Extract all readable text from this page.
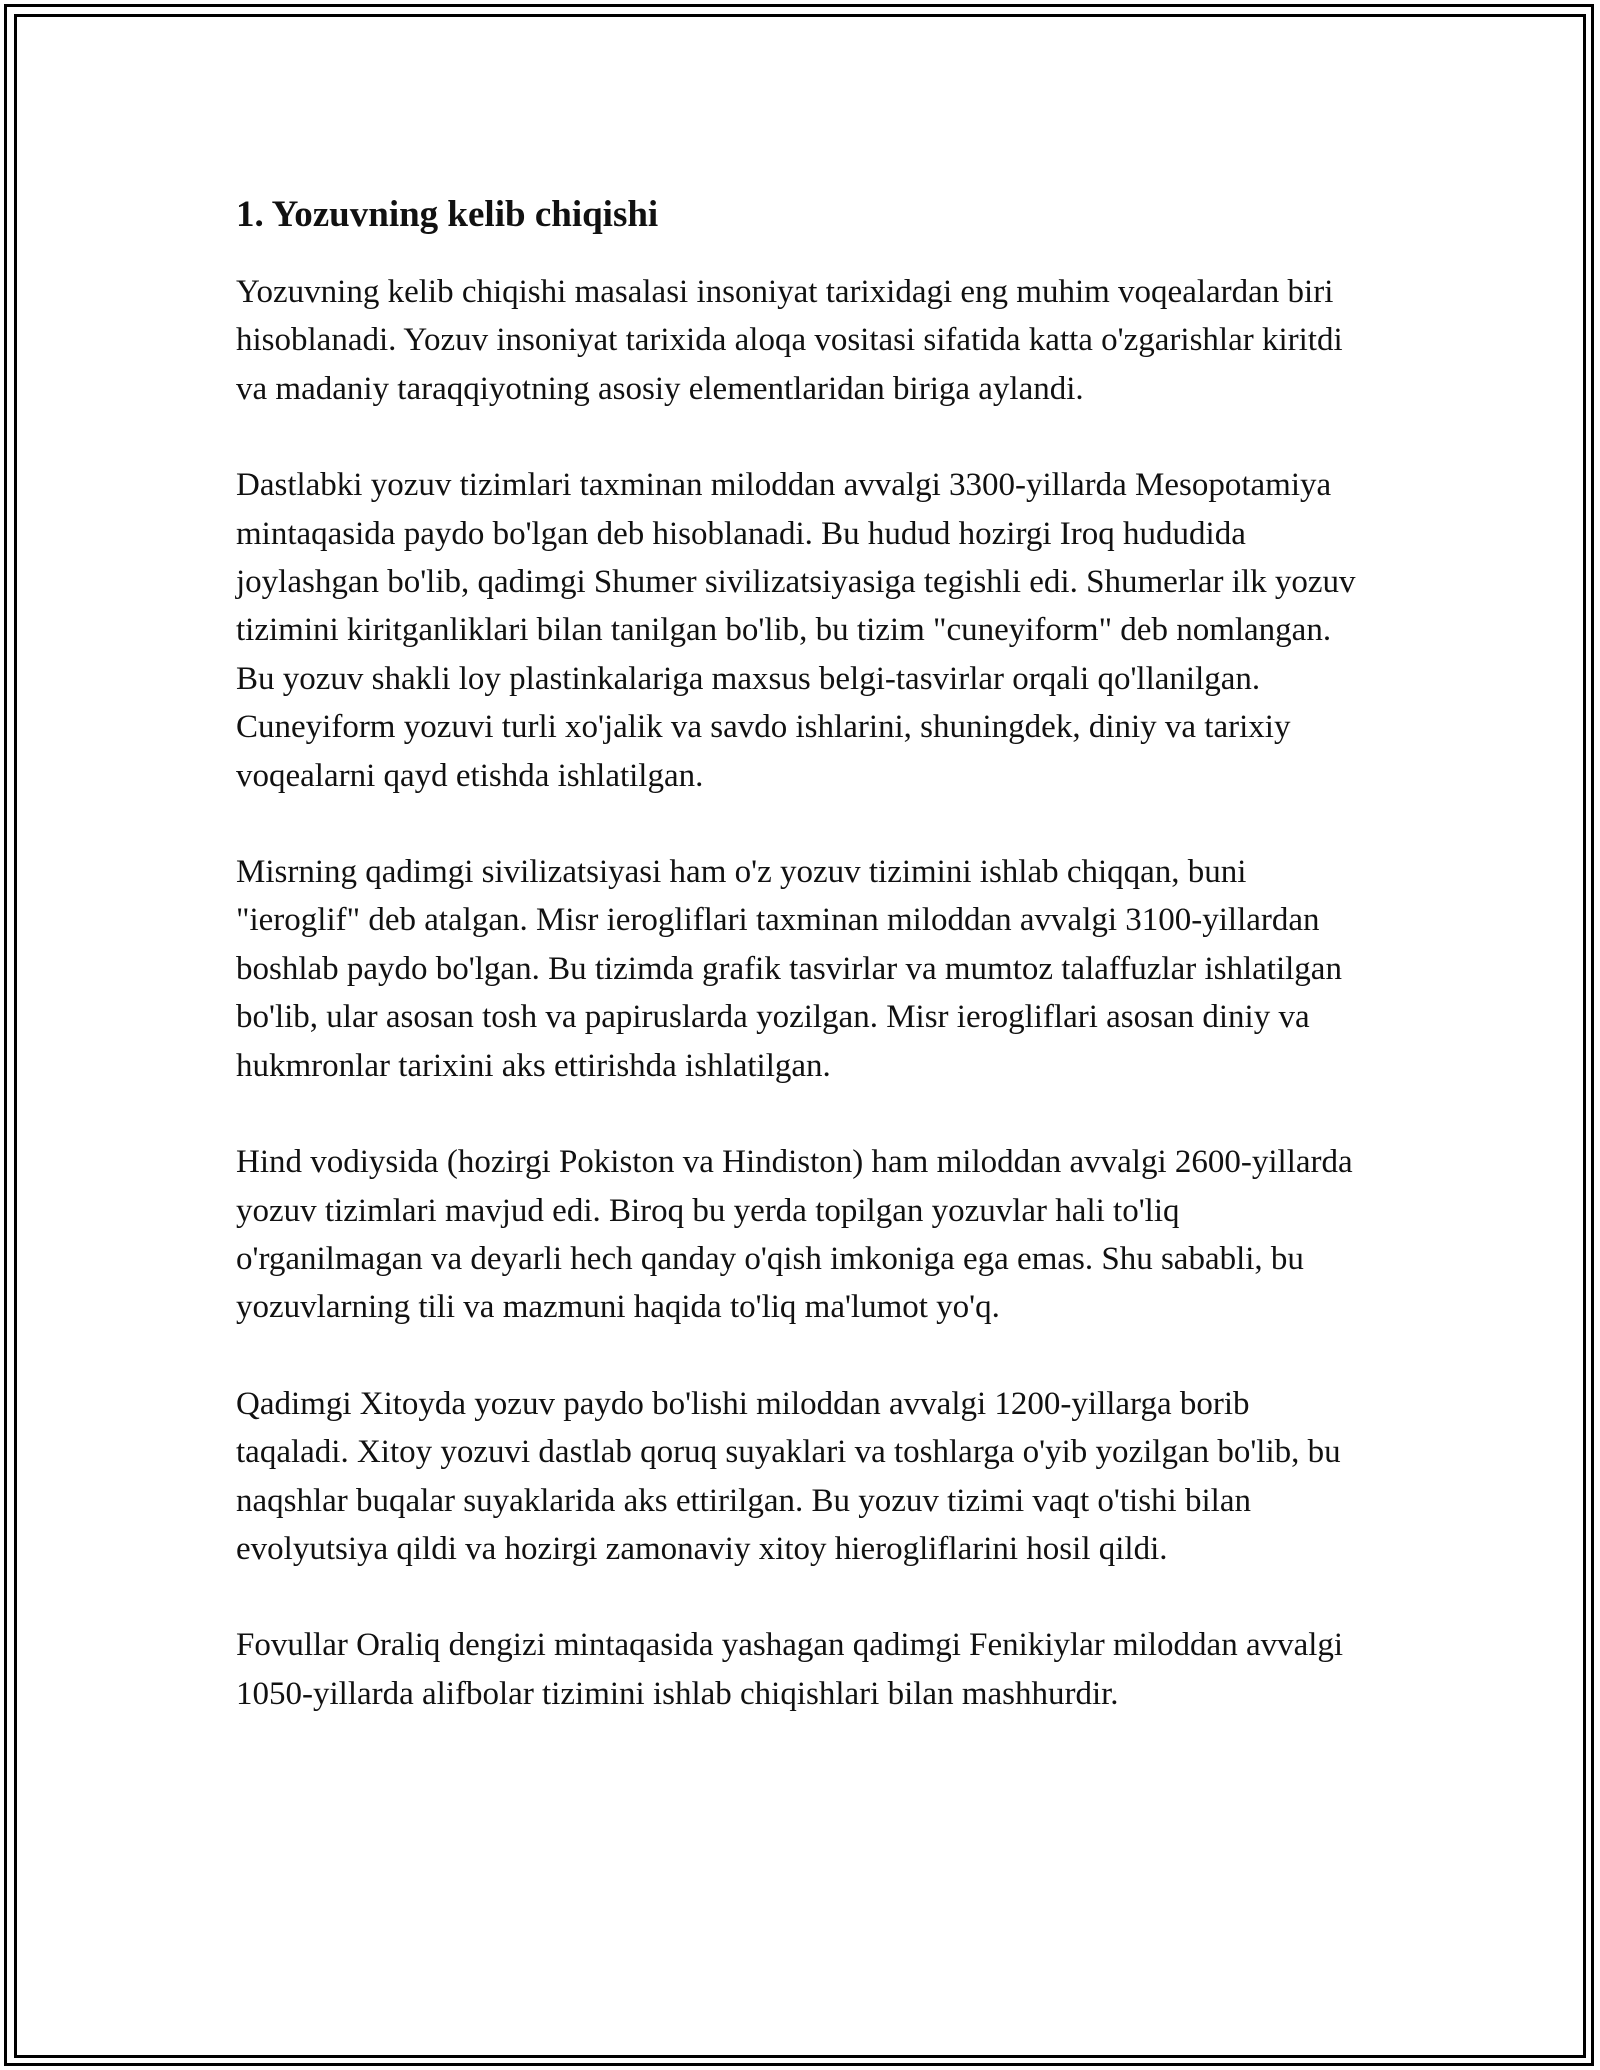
1. Yozuvning kelib chiqishi

Yozuvning kelib chiqishi masalasi insoniyat tarixidagi eng muhim voqealardan biri hisoblanadi. Yozuv insoniyat tarixida aloqa vositasi sifatida katta o'zgarishlar kiritdi va madaniy taraqqiyotning asosiy elementlaridan biriga aylandi.

Dastlabki yozuv tizimlari taxminan miloddan avvalgi 3300-yillarda Mesopotamiya mintaqasida paydo bo'lgan deb hisoblanadi. Bu hudud hozirgi Iroq hududida joylashgan bo'lib, qadimgi Shumer sivilizatsiyasiga tegishli edi. Shumerlar ilk yozuv tizimini kiritganliklari bilan tanilgan bo'lib, bu tizim "cuneyiform" deb nomlangan. Bu yozuv shakli loy plastinkalariga maxsus belgi-tasvirlar orqali qo'llanilgan. Cuneyiform yozuvi turli xo'jalik va savdo ishlarini, shuningdek, diniy va tarixiy voqealarni qayd etishda ishlatilgan.

Misrning qadimgi sivilizatsiyasi ham o'z yozuv tizimini ishlab chiqqan, buni "ieroglif" deb atalgan. Misr ierogliflari taxminan miloddan avvalgi 3100-yillardan boshlab paydo bo'lgan. Bu tizimda grafik tasvirlar va mumtoz talaffuzlar ishlatilgan bo'lib, ular asosan tosh va papiruslarda yozilgan. Misr ierogliflari asosan diniy va hukmronlar tarixini aks ettirishda ishlatilgan.

Hind vodiysida (hozirgi Pokiston va Hindiston) ham miloddan avvalgi 2600-yillarda yozuv tizimlari mavjud edi. Biroq bu yerda topilgan yozuvlar hali to'liq o'rganilmagan va deyarli hech qanday o'qish imkoniga ega emas. Shu sababli, bu yozuvlarning tili va mazmuni haqida to'liq ma'lumot yo'q.

Qadimgi Xitoyda yozuv paydo bo'lishi miloddan avvalgi 1200-yillarga borib taqaladi. Xitoy yozuvi dastlab qoruq suyaklari va toshlarga o'yib yozilgan bo'lib, bu naqshlar buqalar suyaklarida aks ettirilgan. Bu yozuv tizimi vaqt o'tishi bilan evolyutsiya qildi va hozirgi zamonaviy xitoy hierogliflarini hosil qildi.

Fovullar Oraliq dengizi mintaqasida yashagan qadimgi Fenikiylar miloddan avvalgi 1050-yillarda alifbolar tizimini ishlab chiqishlari bilan mashhurdir.
